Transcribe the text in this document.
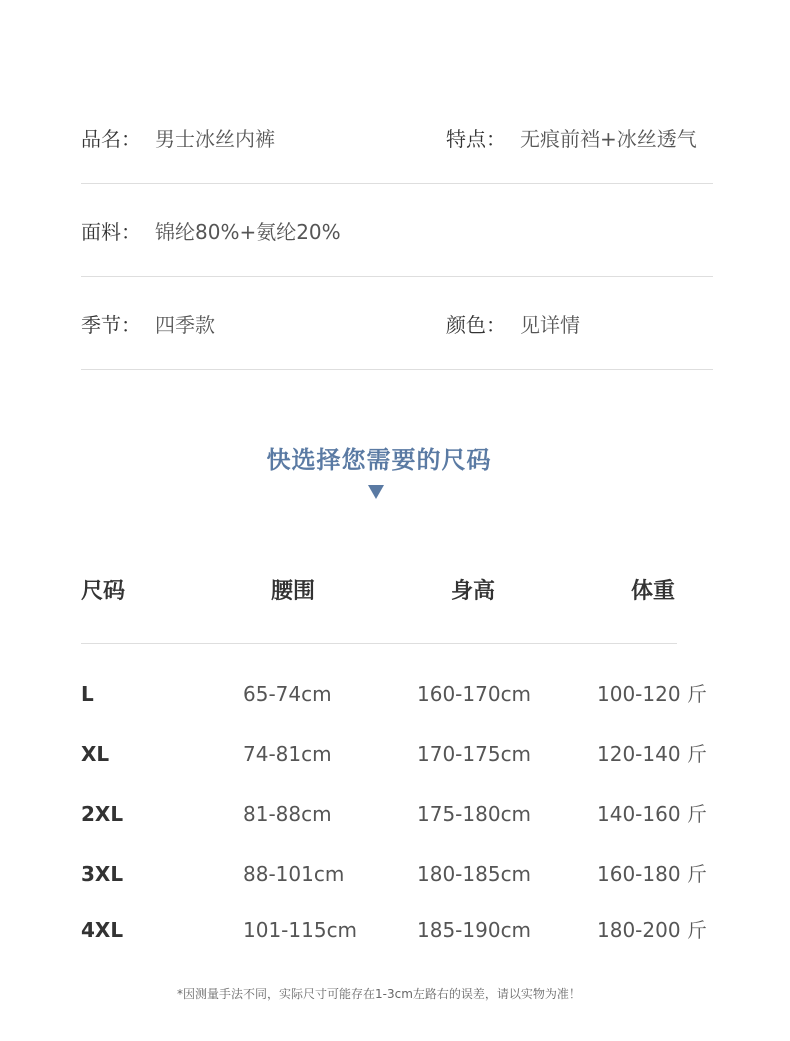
品名： 男士冰丝内裤	特点： 无痕前裆+冰丝透气
面料： 锦纶80%+氨纶20%
季节： 四季款	颜色： 见详情
快选择您需要的尺码
尺码	腰围	身高	体重
L	65-74cm	160-170cm	100-120 斤
XL	74-81cm	170-175cm	120-140 斤
2XL	81-88cm	175-180cm	140-160 斤
3XL	88-101cm	180-185cm	160-180 斤
4XL	101-115cm	185-190cm	180-200 斤
*因测量手法不同，实际尺寸可能存在1-3cm左路右的误差，请以实物为准！
